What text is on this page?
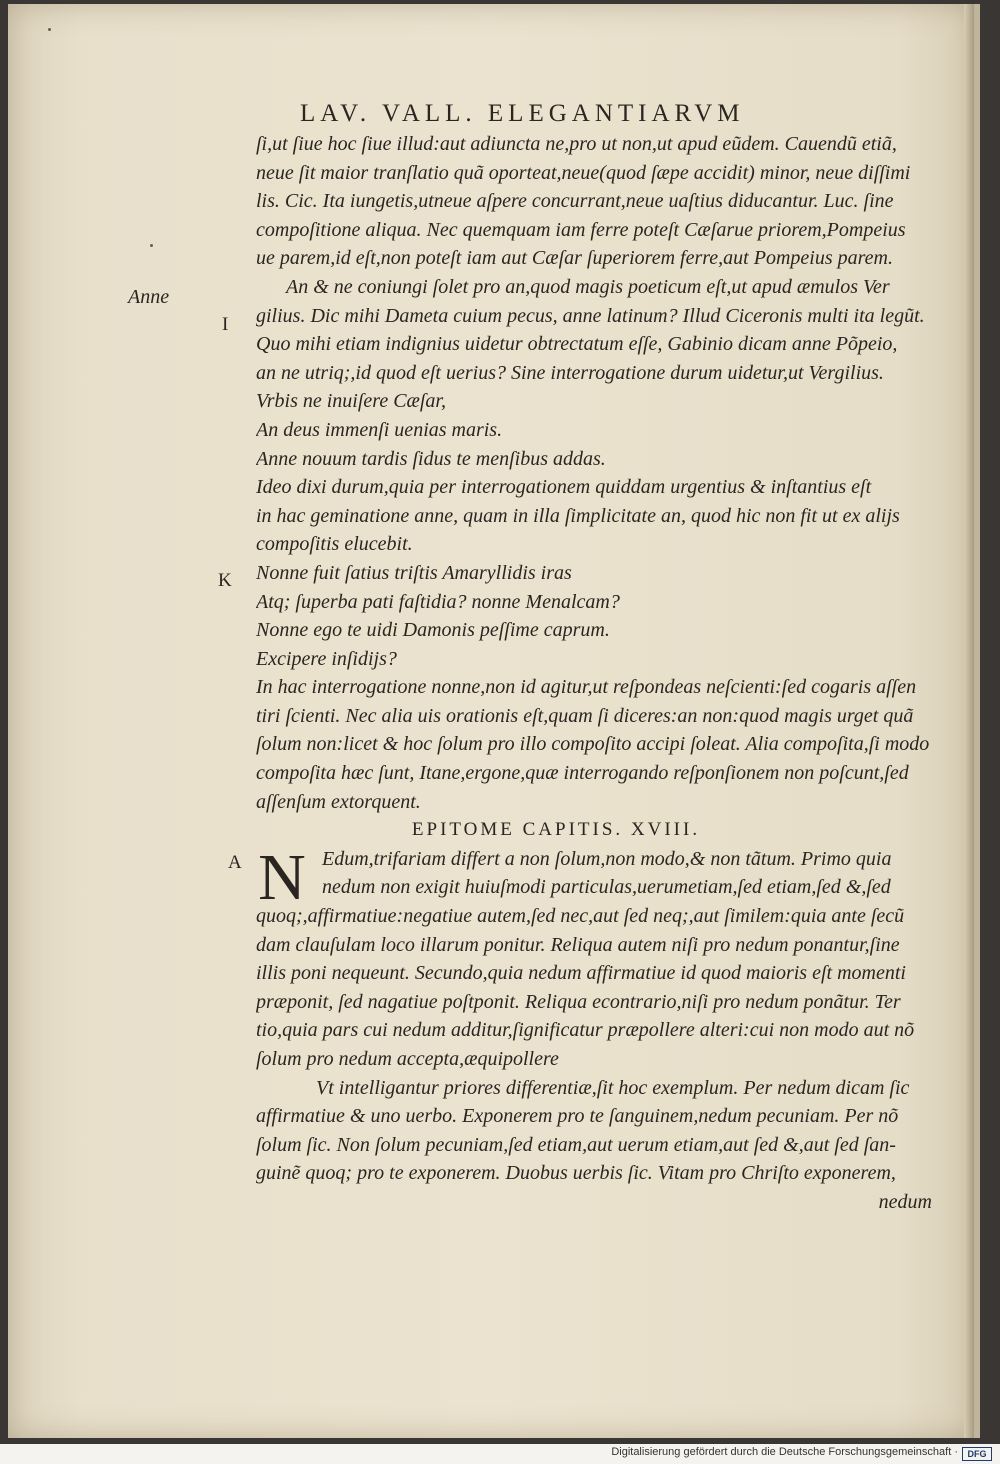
LAV. VALL. ELEGANTIARVM
Anne
I
K
A
ſi,ut ſiue hoc ſiue illud:aut adiuncta ne,pro ut non,ut apud eũdem. Cauendũ etiã,
neue ſit maior tranſlatio quã oporteat,neue(quod ſæpe accidit) minor, neue diſſimi
lis. Cic. Ita iungetis,utneue aſpere concurrant,neue uaſtius diducantur. Luc. ſine
compoſitione aliqua. Nec quemquam iam ferre poteſt Cæſarue priorem,Pompeius
ue parem,id eſt,non poteſt iam aut Cæſar ſuperiorem ferre,aut Pompeius parem.
An & ne coniungi ſolet pro an,quod magis poeticum eſt,ut apud æmulos Ver
gilius. Dic mihi Dameta cuium pecus, anne latinum? Illud Ciceronis multi ita legũt.
Quo mihi etiam indignius uidetur obtrectatum eſſe, Gabinio dicam anne Põpeio,
an ne utriq;,id quod eſt uerius? Sine interrogatione durum uidetur,ut Vergilius.
Vrbis ne inuiſere Cæſar,
An deus immenſi uenias maris.
Anne nouum tardis ſidus te menſibus addas.
Ideo dixi durum,quia per interrogationem quiddam urgentius & inſtantius eſt
in hac geminatione anne, quam in illa ſimplicitate an, quod hic non fit ut ex alijs
compoſitis elucebit.
Nonne fuit ſatius triſtis Amaryllidis iras
Atq; ſuperba pati faſtidia? nonne Menalcam?
Nonne ego te uidi Damonis peſſime caprum.
Excipere inſidijs?
In hac interrogatione nonne,non id agitur,ut reſpondeas neſcienti:ſed cogaris aſſen
tiri ſcienti. Nec alia uis orationis eſt,quam ſi diceres:an non:quod magis urget quã
ſolum non:licet & hoc ſolum pro illo compoſito accipi ſoleat. Alia compoſita,ſi modo
compoſita hæc ſunt, Itane,ergone,quæ interrogando reſponſionem non poſcunt,ſed
aſſenſum extorquent.
EPITOME CAPITIS. XVIII.
N Edum,trifariam differt a non ſolum,non modo,& non tãtum. Primo quia
nedum non exigit huiuſmodi particulas,uerumetiam,ſed etiam,ſed &,ſed
quoq;,affirmatiue:negatiue autem,ſed nec,aut ſed neq;,aut ſimilem:quia ante ſecũ
dam clauſulam loco illarum ponitur. Reliqua autem niſi pro nedum ponantur,ſine
illis poni nequeunt. Secundo,quia nedum affirmatiue id quod maioris eſt momenti
præponit, ſed nagatiue poſtponit. Reliqua econtrario,niſi pro nedum ponãtur. Ter
tio,quia pars cui nedum additur,ſignificatur præpollere alteri:cui non modo aut nõ
ſolum pro nedum accepta,æquipollere
Vt intelligantur priores differentiæ,ſit hoc exemplum. Per nedum dicam ſic
affirmatiue & uno uerbo. Exponerem pro te ſanguinem,nedum pecuniam. Per nõ
ſolum ſic. Non ſolum pecuniam,ſed etiam,aut uerum etiam,aut ſed &,aut ſed ſan-
guinẽ quoq; pro te exponerem. Duobus uerbis ſic. Vitam pro Chriſto exponerem,
nedum
Digitalisierung gefördert durch die Deutsche Forschungsgemeinschaft ·	DFG
